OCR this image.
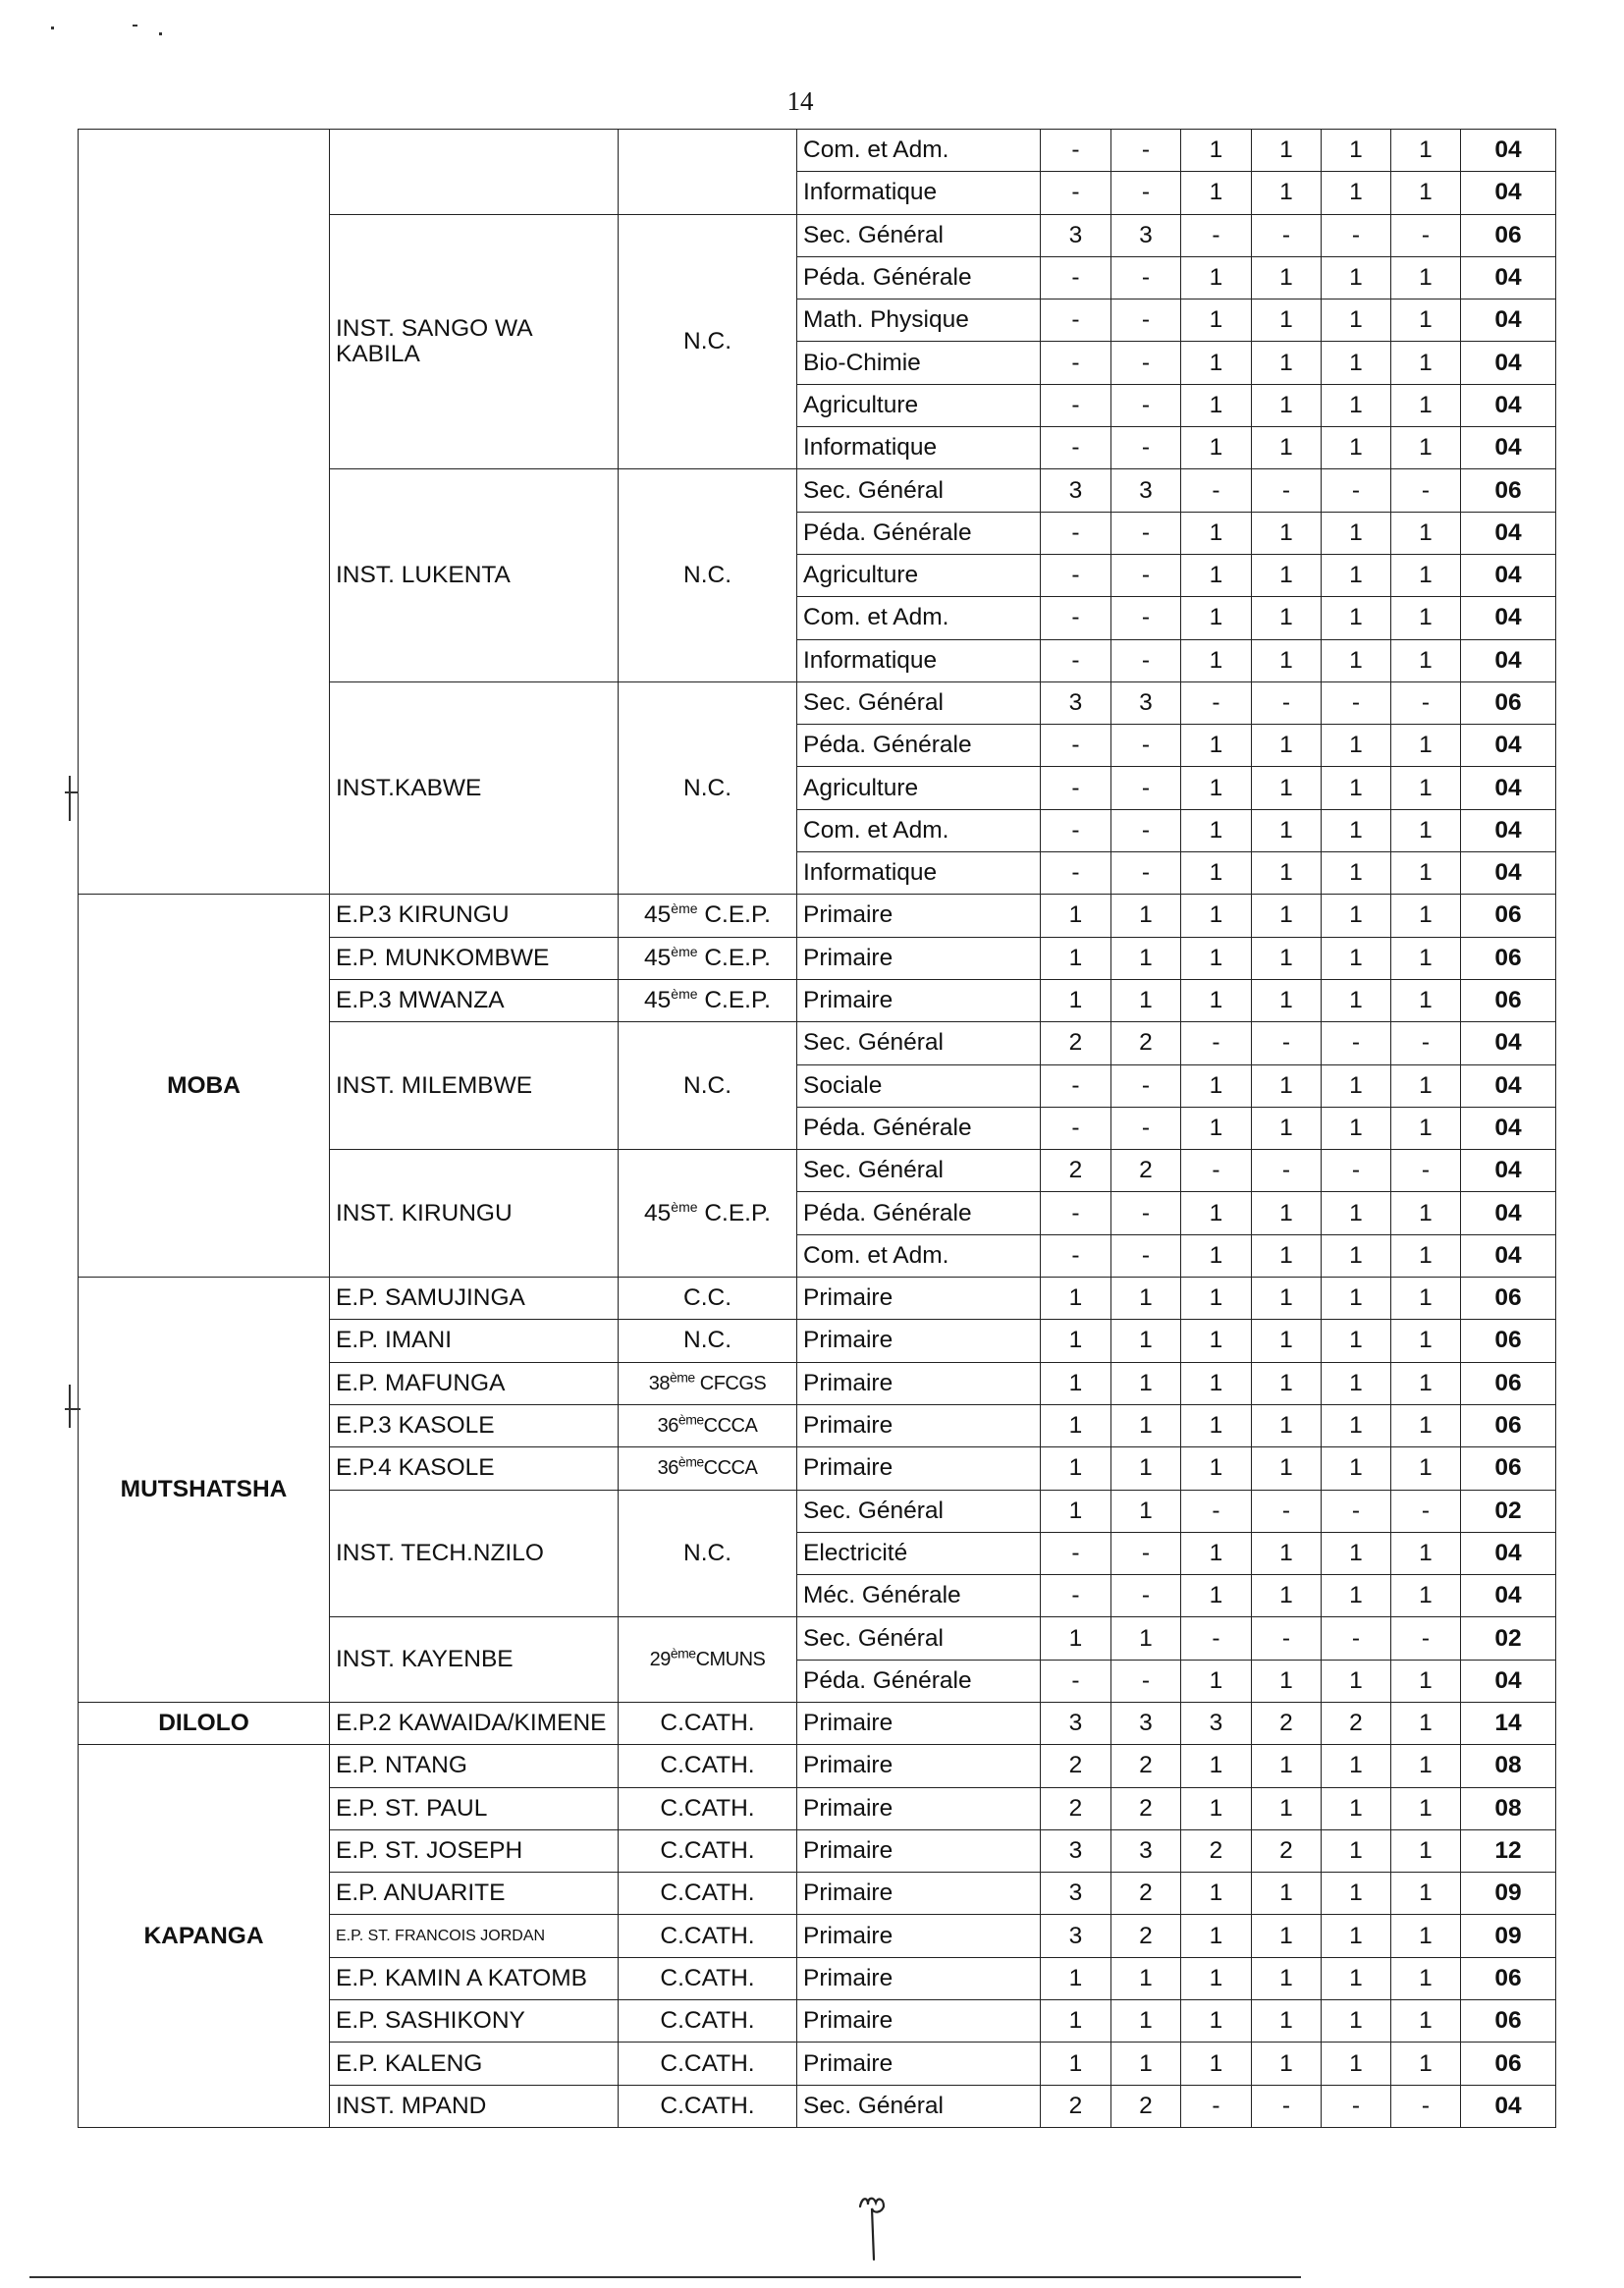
14
			Com. et Adm.	-	-	1	1	1	1	04
			Informatique	-	-	1	1	1	1	04
	INST. SANGO WA KABILA	N.C.	Sec. Général	3	3	-	-	-	-	06
			Péda. Générale	-	-	1	1	1	1	04
			Math. Physique	-	-	1	1	1	1	04
			Bio-Chimie	-	-	1	1	1	1	04
			Agriculture	-	-	1	1	1	1	04
			Informatique	-	-	1	1	1	1	04
	INST. LUKENTA	N.C.	Sec. Général	3	3	-	-	-	-	06
			Péda. Générale	-	-	1	1	1	1	04
			Agriculture	-	-	1	1	1	1	04
			Com. et Adm.	-	-	1	1	1	1	04
			Informatique	-	-	1	1	1	1	04
	INST.KABWE	N.C.	Sec. Général	3	3	-	-	-	-	06
			Péda. Générale	-	-	1	1	1	1	04
			Agriculture	-	-	1	1	1	1	04
			Com. et Adm.	-	-	1	1	1	1	04
			Informatique	-	-	1	1	1	1	04
MOBA	E.P.3 KIRUNGU	45ème C.E.P.	Primaire	1	1	1	1	1	1	06
	E.P. MUNKOMBWE	45ème C.E.P.	Primaire	1	1	1	1	1	1	06
	E.P.3 MWANZA	45ème C.E.P.	Primaire	1	1	1	1	1	1	06
	INST. MILEMBWE	N.C.	Sec. Général	2	2	-	-	-	-	04
			Sociale	-	-	1	1	1	1	04
			Péda. Générale	-	-	1	1	1	1	04
	INST. KIRUNGU	45ème C.E.P.	Sec. Général	2	2	-	-	-	-	04
			Péda. Générale	-	-	1	1	1	1	04
			Com. et Adm.	-	-	1	1	1	1	04
MUTSHATSHA	E.P. SAMUJINGA	C.C.	Primaire	1	1	1	1	1	1	06
	E.P. IMANI	N.C.	Primaire	1	1	1	1	1	1	06
	E.P. MAFUNGA	38ème CFCGS	Primaire	1	1	1	1	1	1	06
	E.P.3 KASOLE	36èmeCCCA	Primaire	1	1	1	1	1	1	06
	E.P.4 KASOLE	36èmeCCCA	Primaire	1	1	1	1	1	1	06
	INST. TECH.NZILO	N.C.	Sec. Général	1	1	-	-	-	-	02
			Electricité	-	-	1	1	1	1	04
			Méc. Générale	-	-	1	1	1	1	04
	INST. KAYENBE	29èmeCMUNS	Sec. Général	1	1	-	-	-	-	02
			Péda. Générale	-	-	1	1	1	1	04
DILOLO	E.P.2 KAWAIDA/KIMENE	C.CATH.	Primaire	3	3	3	2	2	1	14
KAPANGA	E.P. NTANG	C.CATH.	Primaire	2	2	1	1	1	1	08
	E.P. ST. PAUL	C.CATH.	Primaire	2	2	1	1	1	1	08
	E.P. ST. JOSEPH	C.CATH.	Primaire	3	3	2	2	1	1	12
	E.P. ANUARITE	C.CATH.	Primaire	3	2	1	1	1	1	09
	E.P. ST. FRANCOIS JORDAN	C.CATH.	Primaire	3	2	1	1	1	1	09
	E.P. KAMIN A KATOMB	C.CATH.	Primaire	1	1	1	1	1	1	06
	E.P. SASHIKONY	C.CATH.	Primaire	1	1	1	1	1	1	06
	E.P. KALENG	C.CATH.	Primaire	1	1	1	1	1	1	06
	INST. MPAND	C.CATH.	Sec. Général	2	2	-	-	-	-	04
